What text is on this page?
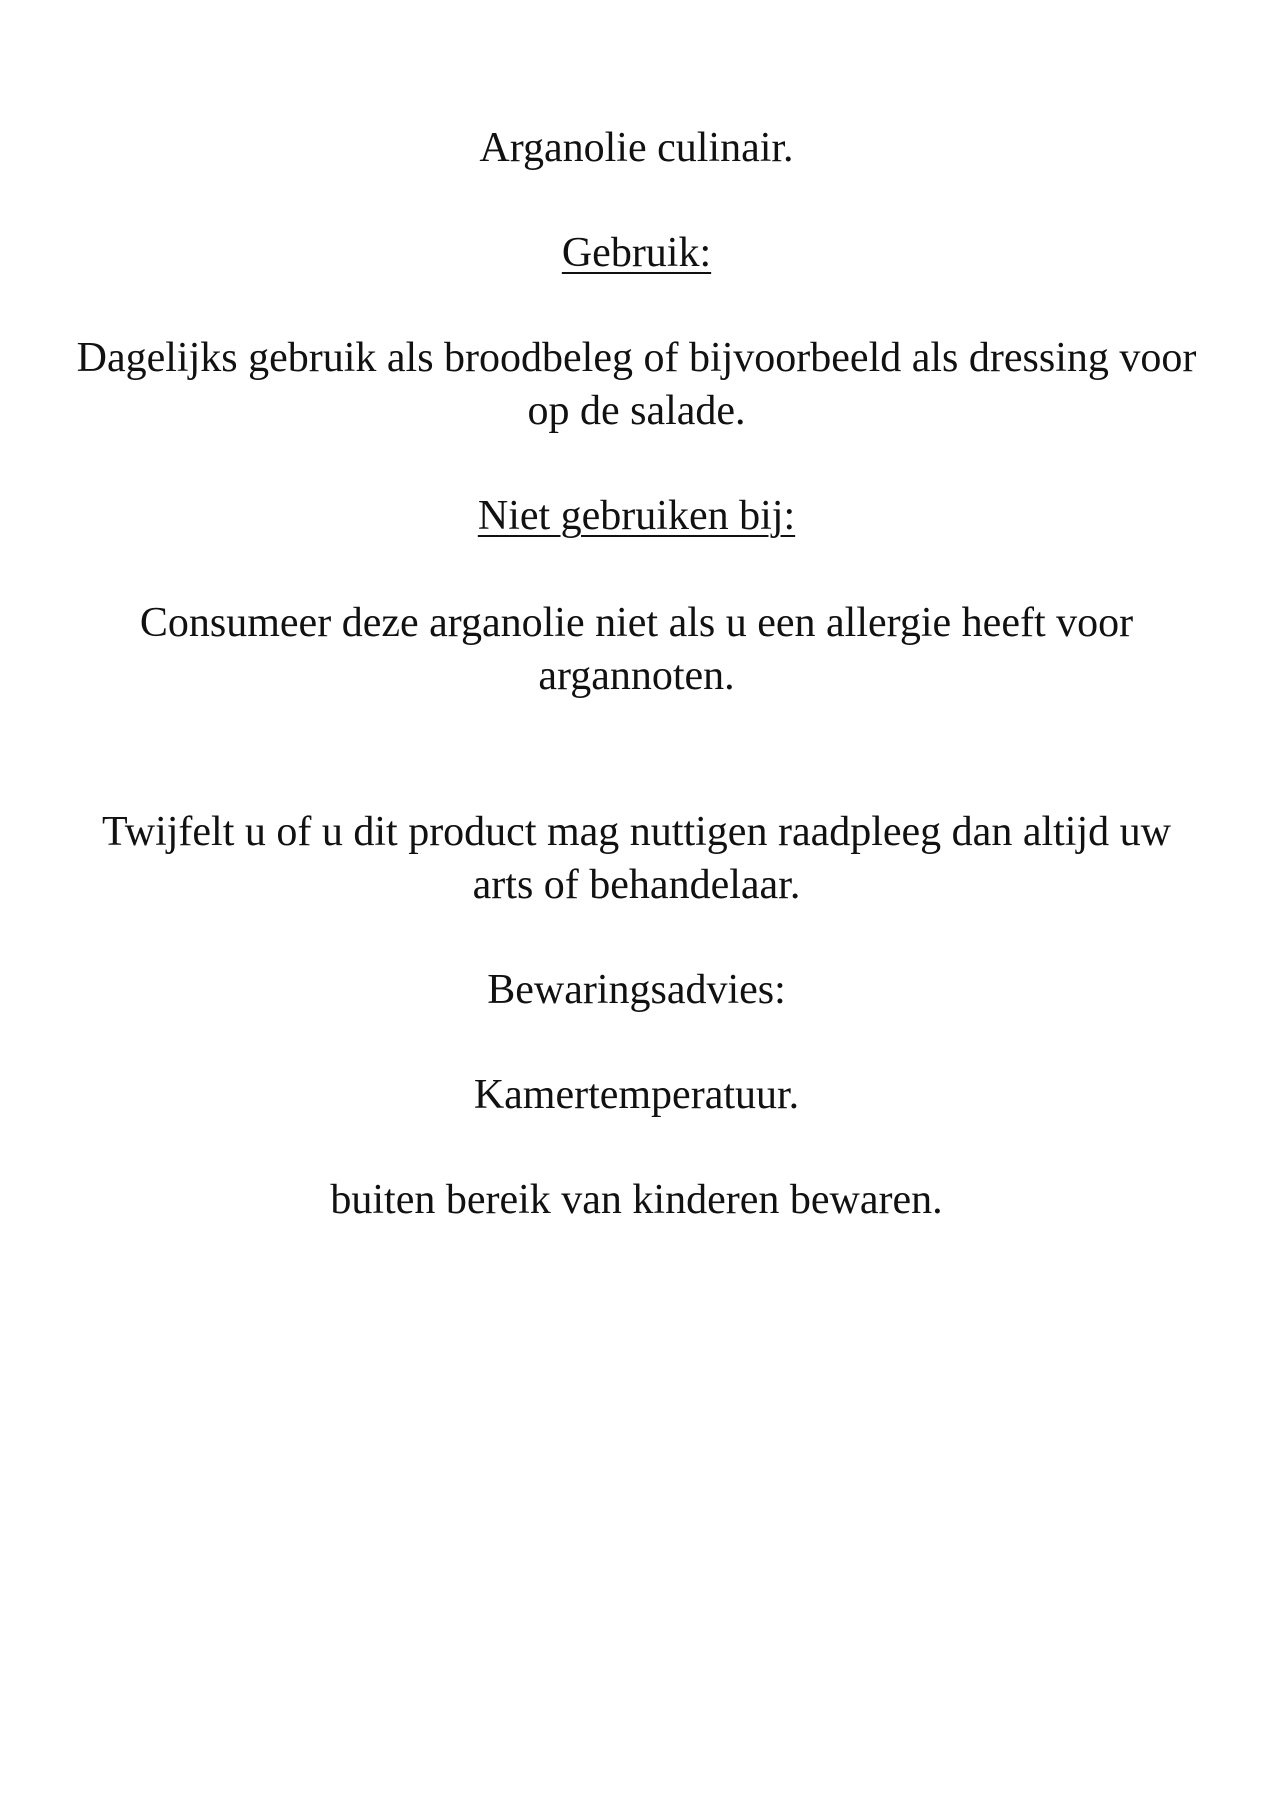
Arganolie culinair.
Gebruik:
Dagelijks gebruik als broodbeleg of bijvoorbeeld als dressing voor
op de salade.
Niet gebruiken bij:
Consumeer deze arganolie niet als u een allergie heeft voor
argannoten.
Twijfelt u of u dit product mag nuttigen raadpleeg dan altijd uw
arts of behandelaar.
Bewaringsadvies:
Kamertemperatuur.
buiten bereik van kinderen bewaren.
